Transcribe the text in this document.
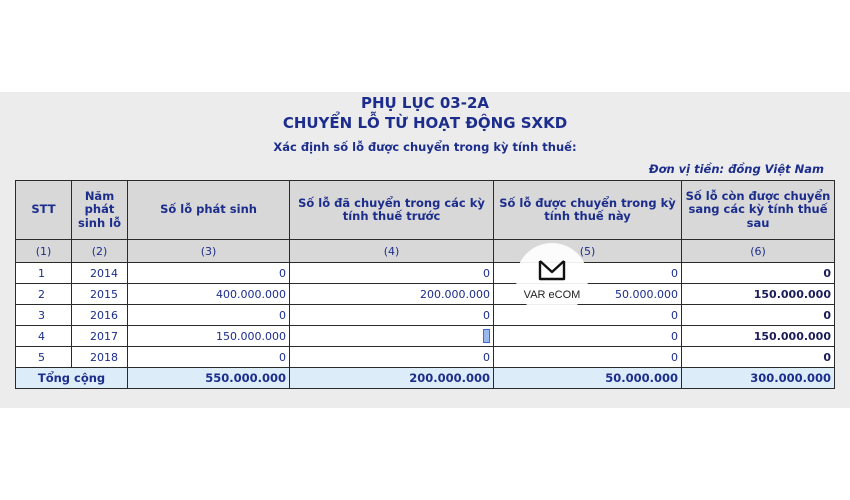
PHỤ LỤC 03-2A
CHUYỂN LỖ TỪ HOẠT ĐỘNG SXKD
Xác định số lỗ được chuyển trong kỳ tính thuế:
Đơn vị tiền: đồng Việt Nam
STT	Năm phát sinh lỗ	Số lỗ phát sinh	Số lỗ đã chuyển trong các kỳ tính thuế trước	Số lỗ được chuyển trong kỳ tính thuế này	Số lỗ còn được chuyển sang các kỳ tính thuế sau
(1)	(2)	(3)	(4)	(5)	(6)
1	2014	0	0	0	0
2	2015	400.000.000	200.000.000	50.000.000	150.000.000
3	2016	0	0	0	0
4	2017	150.000.000		0	150.000.000
5	2018	0	0	0	0
Tổng cộng		550.000.000	200.000.000	50.000.000	300.000.000
VAR eCOM
